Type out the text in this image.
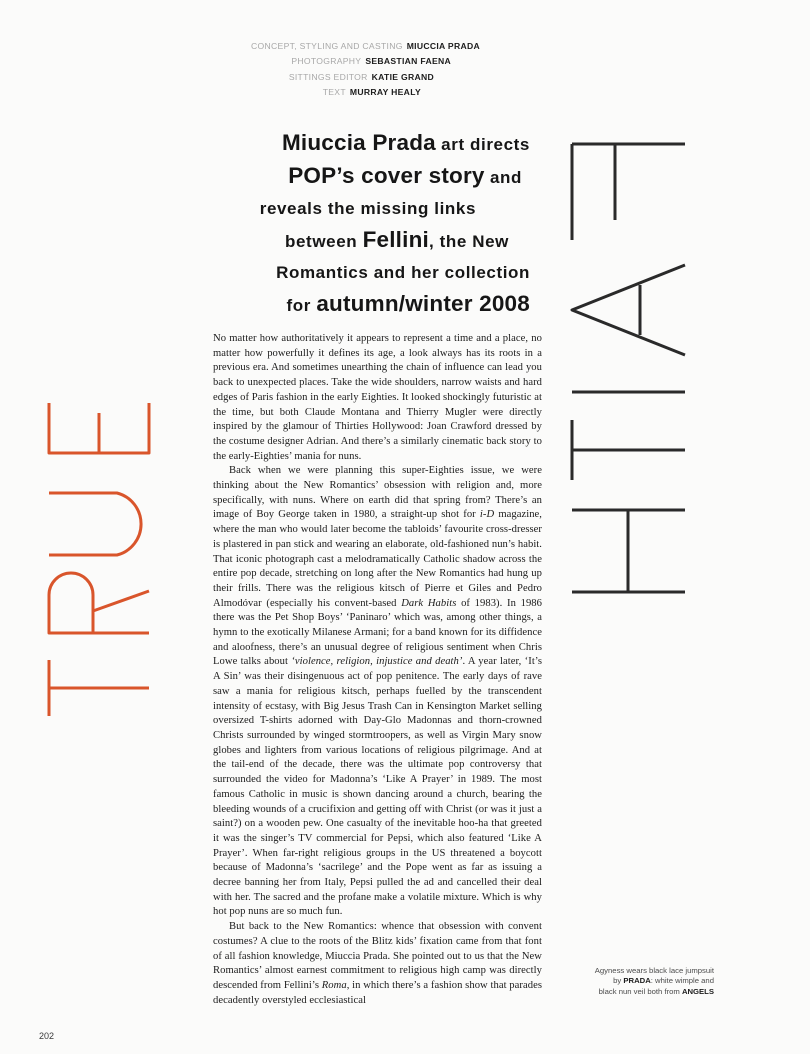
CONCEPT, STYLING AND CASTING MIUCCIA PRADA
PHOTOGRAPHY SEBASTIAN FAENA
SITTINGS EDITOR KATIE GRAND
TEXT MURRAY HEALY
Miuccia Prada art directs
POP’s cover story and
reveals the missing links
between Fellini, the New
Romantics and her collection
for autumn/winter 2008

No matter how authoritatively it appears to represent a time and a place, no matter how powerfully it defines its age, a look always has its roots in a previous era. And sometimes unearthing the chain of influence can lead you back to unexpected places. Take the wide shoulders, narrow waists and hard edges of Paris fashion in the early Eighties. It looked shockingly futuristic at the time, but both Claude Montana and Thierry Mugler were directly inspired by the glamour of Thirties Hollywood: Joan Crawford dressed by the costume designer Adrian. And there’s a similarly cinematic back story to the early-Eighties’ mania for nuns.

Back when we were planning this super-Eighties issue, we were thinking about the New Romantics’ obsession with religion and, more specifically, with nuns. Where on earth did that spring from? There’s an image of Boy George taken in 1980, a straight-up shot for i-D magazine, where the man who would later become the tabloids’ favourite cross-dresser is plastered in pan stick and wearing an elaborate, old-fashioned nun’s habit. That iconic photograph cast a melodramatically Catholic shadow across the entire pop decade, stretching on long after the New Romantics had hung up their frills. There was the religious kitsch of Pierre et Giles and Pedro Almodóvar (especially his convent-based Dark Habits of 1983). In 1986 there was the Pet Shop Boys’ ‘Paninaro’ which was, among other things, a hymn to the exotically Milanese Armani; for a band known for its diffidence and aloofness, there’s an unusual degree of religious sentiment when Chris Lowe talks about ‘violence, religion, injustice and death’. A year later, ‘It’s A Sin’ was their disingenuous act of pop penitence. The early days of rave saw a mania for religious kitsch, perhaps fuelled by the transcendent intensity of ecstasy, with Big Jesus Trash Can in Kensington Market selling oversized T-shirts adorned with Day-Glo Madonnas and thorn-crowned Christs surrounded by winged stormtroopers, as well as Virgin Mary snow globes and lighters from various locations of religious pilgrimage. And at the tail-end of the decade, there was the ultimate pop controversy that surrounded the video for Madonna’s ‘Like A Prayer’ in 1989. The most famous Catholic in music is shown dancing around a church, bearing the bleeding wounds of a crucifixion and getting off with Christ (or was it just a saint?) on a wooden pew. One casualty of the inevitable hoo-ha that greeted it was the singer’s TV commercial for Pepsi, which also featured ‘Like A Prayer’. When far-right religious groups in the US threatened a boycott because of Madonna’s ‘sacrilege’ and the Pope went as far as issuing a decree banning her from Italy, Pepsi pulled the ad and cancelled their deal with her. The sacred and the profane make a volatile mixture. Which is why hot pop nuns are so much fun.

But back to the New Romantics: whence that obsession with convent costumes? A clue to the roots of the Blitz kids’ fixation came from that font of all fashion knowledge, Miuccia Prada. She pointed out to us that the New Romantics’ almost earnest commitment to religious high camp was directly descended from Fellini’s Roma, in which there’s a fashion show that parades decadently overstyled ecclesiastical

Agyness wears black lace jumpsuit by PRADA: white wimple and black nun veil both from ANGELS
202
